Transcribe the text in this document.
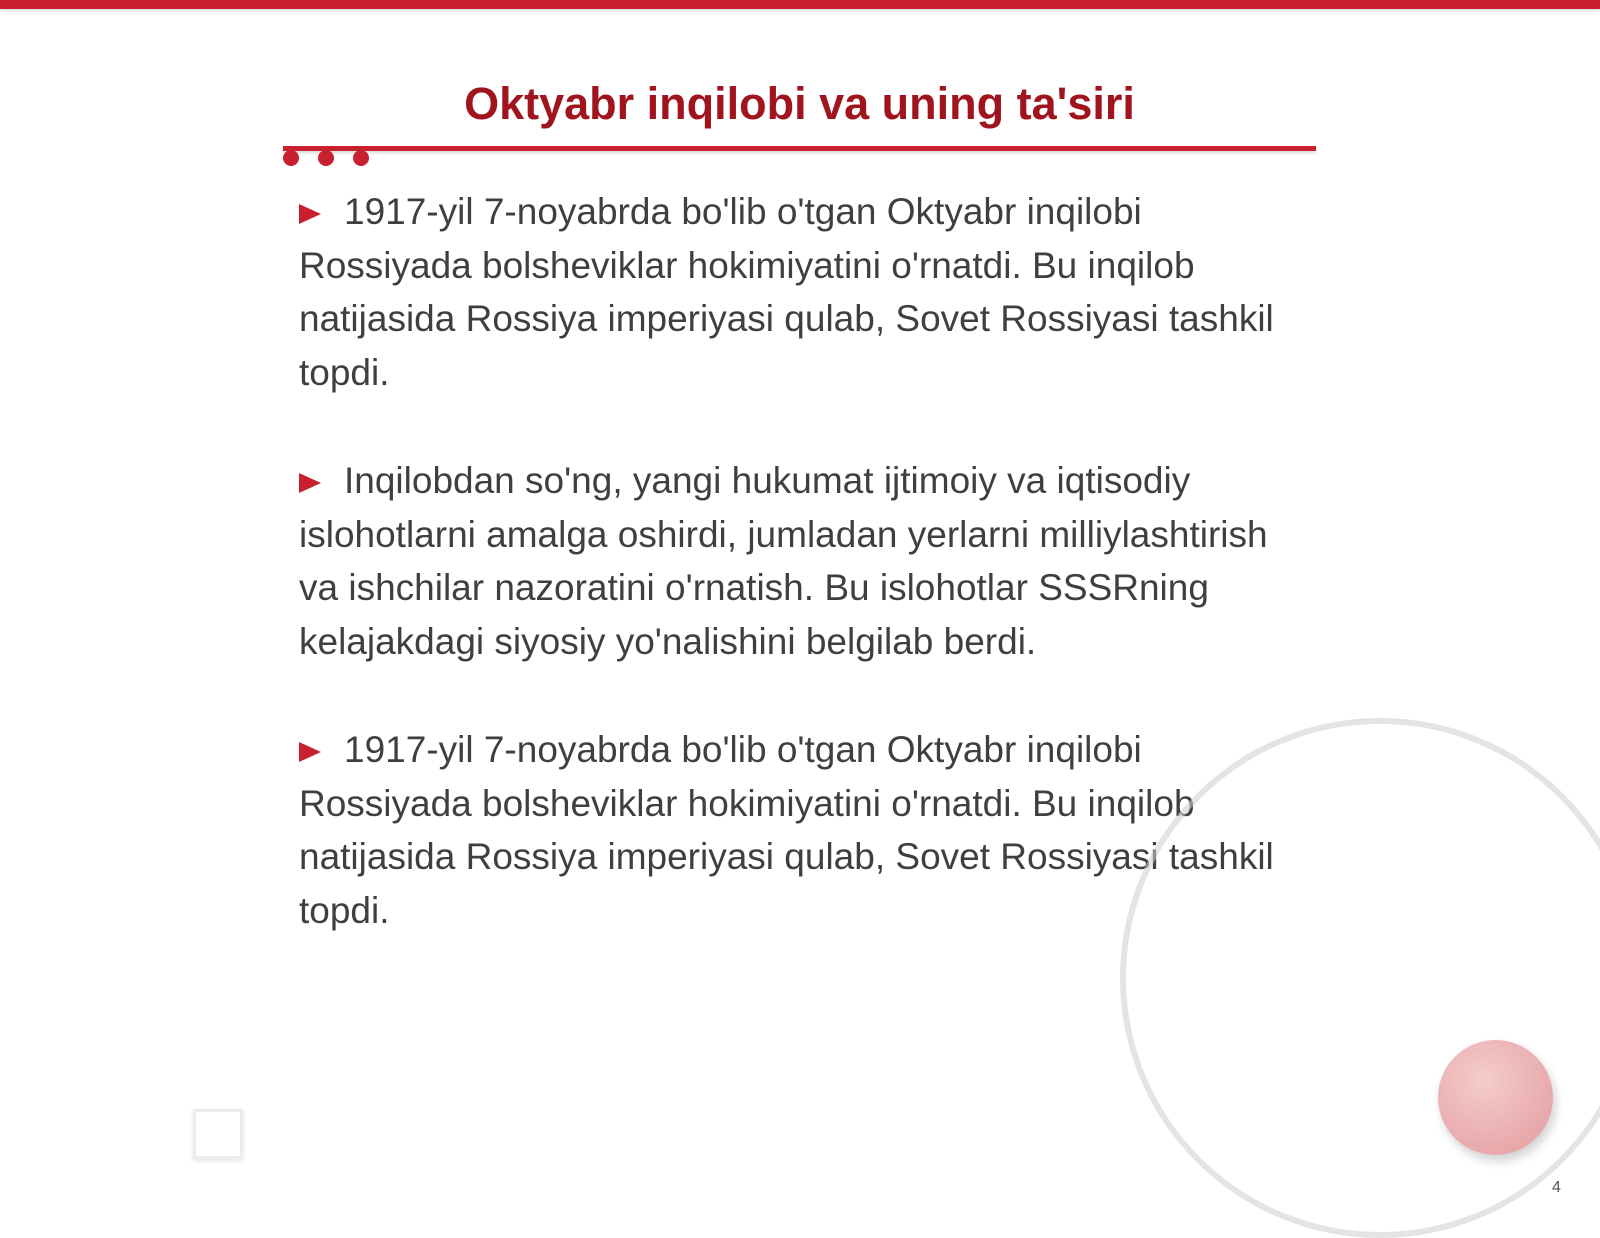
Oktyabr inqilobi va uning ta'siri

1917-yil 7-noyabrda bo'lib o'tgan Oktyabr inqilobi Rossiyada bolsheviklar hokimiyatini o'rnatdi. Bu inqilob natijasida Rossiya imperiyasi qulab, Sovet Rossiyasi tashkil topdi.

Inqilobdan so'ng, yangi hukumat ijtimoiy va iqtisodiy islohotlarni amalga oshirdi, jumladan yerlarni milliylashtirish va ishchilar nazoratini o'rnatish. Bu islohotlar SSSRning kelajakdagi siyosiy yo'nalishini belgilab berdi.

1917-yil 7-noyabrda bo'lib o'tgan Oktyabr inqilobi Rossiyada bolsheviklar hokimiyatini o'rnatdi. Bu inqilob natijasida Rossiya imperiyasi qulab, Sovet Rossiyasi tashkil topdi.

4
